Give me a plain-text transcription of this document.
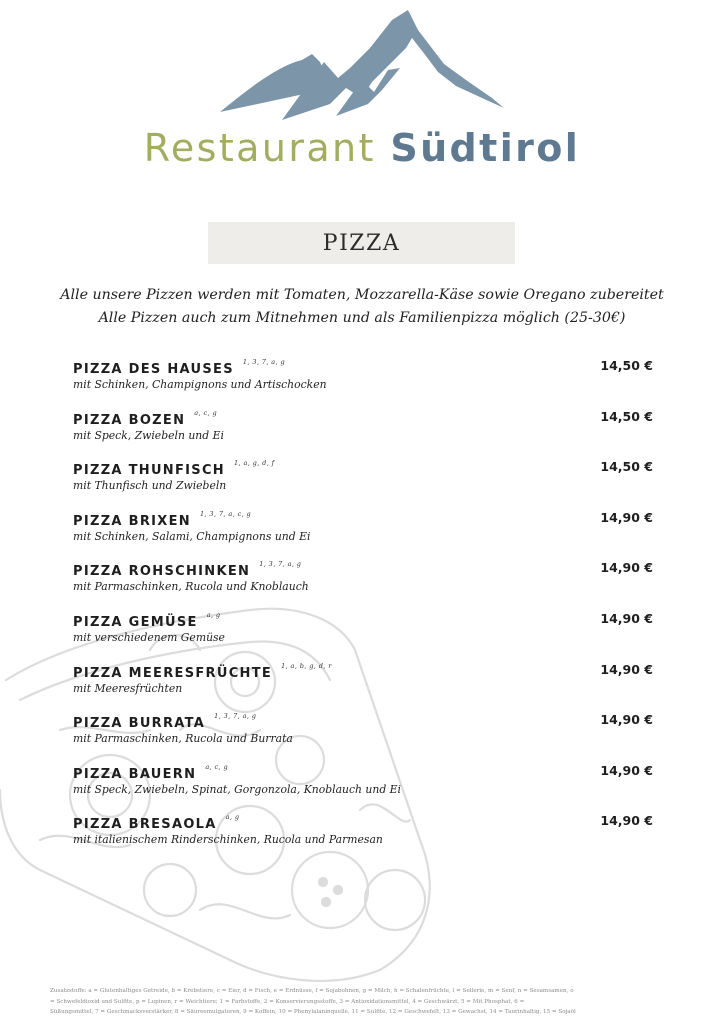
Restaurant Südtirol
PIZZA
Alle unsere Pizzen werden mit Tomaten, Mozzarella-Käse sowie Oregano zubereitet
Alle Pizzen auch zum Mitnehmen und als Familienpizza möglich (25-30€)
PIZZA DES HAUSES $^{1, 3, 7, a, g}$	14,50 €
mit Schinken, Champignons und Artischocken
PIZZA BOZEN $^{a, c, g}$	14,50 €
mit Speck, Zwiebeln und Ei
PIZZA THUNFISCH $^{1, a, g, d, f}$	14,50 €
mit Thunfisch und Zwiebeln
PIZZA BRIXEN $^{1, 3, 7, a, c, g}$	14,90 €
mit Schinken, Salami, Champignons und Ei
PIZZA ROHSCHINKEN $^{1, 3, 7, a, g}$	14,90 €
mit Parmaschinken, Rucola und Knoblauch
PIZZA GEMÜSE $^{a, g}$	14,90 €
mit verschiedenem Gemüse
PIZZA MEERESFRÜCHTE $^{1, a, b, g, d, r}$	14,90 €
mit Meeresfrüchten
PIZZA BURRATA $^{1, 3, 7, a, g}$	14,90 €
mit Parmaschinken, Rucola und Burrata
PIZZA BAUERN $^{a, c, g}$	14,90 €
mit Speck, Zwiebeln, Spinat, Gorgonzola, Knoblauch und Ei
PIZZA BRESAOLA $^{a, g}$	14,90 €
mit italienischem Rinderschinken, Rucola und Parmesan
Zusatzstoffe: a = Glutenhaltiges Getreide, b = Krebstiere, c = Eier, d = Fisch, e = Erdnüsse, f = Sojabohnen, g = Milch, h = Schalenfrüchte, l = Sellerie, m = Senf, n = Sesamsamen, o
= Schwefeldioxid und Sulfite, p = Lupinen, r = Weichtiere; 1 = Farbstoffe, 2 = Konservierungsstoffe, 3 = Antioxidationsmittel, 4 = Geschwärzt, 5 = Mit Phosphat, 6 =
Süßungsmittel, 7 = Geschmacksverstärker, 8 = Säureemulgatoren, 9 = Koffein, 10 = Phenylalaninquelle, 11 = Sulfite, 12 = Geschwefelt, 13 = Gewachst, 14 = Taurinhaltig, 15 = Sojaöl
